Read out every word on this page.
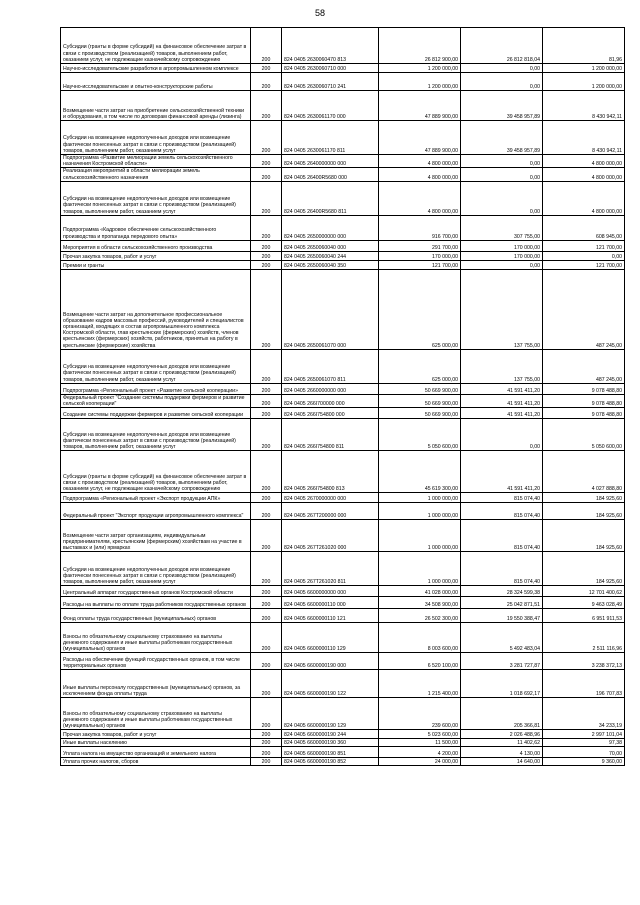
58
Субсидии (гранты в форме субсидий) на финансовое обеспечение затрат в связи с производством (реализацией) товаров, выполнением работ, оказанием услуг, не подлежащие казначейскому сопровождению	200	824 0405 2630060470 813	26 812 900,00	26 812 818,04	81,96
Научно-исследовательские разработки в агропромышленном комплексе	200	824 0405 2630060710 000	1 200 000,00	0,00	1 200 000,00
Научно-исследовательские и опытно-конструкторские работы	200	824 0405 2630060710 241	1 200 000,00	0,00	1 200 000,00
Возмещение части затрат на приобретение сельскохозяйственной техники и оборудования, в том числе по договорам финансовой аренды (лизинга)	200	824 0405 2630061170 000	47 889 900,00	39 458 957,89	8 430 942,11
Субсидии на возмещение недополученных доходов или возмещение фактически понесенных затрат в связи с производством (реализацией) товаров, выполнением работ, оказанием услуг	200	824 0405 2630061170 811	47 889 900,00	39 458 957,89	8 430 942,11
Подпрограмма «Развитие мелиорации земель сельскохозяйственного назначения Костромской области»	200	824 0405 2640000000 000	4 800 000,00	0,00	4 800 000,00
Реализация мероприятий в области мелиорации земель сельскохозяйственного назначения	200	824 0405 26400R5680 000	4 800 000,00	0,00	4 800 000,00
Субсидии на возмещение недополученных доходов или возмещение фактически понесенных затрат в связи с производством (реализацией) товаров, выполнением работ, оказанием услуг	200	824 0405 26400R5680 811	4 800 000,00	0,00	4 800 000,00
Подпрограмма «Кадровое обеспечение сельскохозяйственного производства и пропаганда передового опыта»	200	824 0405 2650000000 000	916 700,00	307 755,00	608 945,00
Мероприятия в области сельскохозяйственного производства	200	824 0405 2650060040 000	291 700,00	170 000,00	121 700,00
Прочая закупка товаров, работ и услуг	200	824 0405 2650060040 244	170 000,00	170 000,00	0,00
Премии и гранты	200	824 0405 2650060040 350	121 700,00	0,00	121 700,00
Возмещение части затрат на дополнительное профессиональное образование кадров массовых профессий, руководителей и специалистов организаций, входящих в состав агропромышленного комплекса Костромской области, глав крестьянских (фермерских) хозяйств, членов крестьянских (фермерских) хозяйств, работников, принятых на работу в крестьянские (фермерские) хозяйства	200	824 0405 2650061070 000	625 000,00	137 755,00	487 245,00
Субсидии на возмещение недополученных доходов или возмещение фактически понесенных затрат в связи с производством (реализацией) товаров, выполнением работ, оказанием услуг	200	824 0405 2650061070 811	625 000,00	137 755,00	487 245,00
Подпрограмма «Региональный проект «Развитие сельской кооперации»	200	824 0405 2660000000 000	50 669 900,00	41 591 411,20	9 078 488,80
Федеральный проект "Создание системы поддержки фермеров и развитие сельской кооперации"	200	824 0405 266I700000 000	50 669 900,00	41 591 411,20	9 078 488,80
Создание системы поддержки фермеров и развитие сельской кооперации	200	824 0405 266I754800 000	50 669 900,00	41 591 411,20	9 078 488,80
Субсидии на возмещение недополученных доходов или возмещение фактически понесенных затрат в связи с производством (реализацией) товаров, выполнением работ, оказанием услуг	200	824 0405 266I754800 811	5 050 600,00	0,00	5 050 600,00
Субсидии (гранты в форме субсидий) на финансовое обеспечение затрат в связи с производством (реализацией) товаров, выполнением работ, оказанием услуг, не подлежащие казначейскому сопровождению	200	824 0405 266I754800 813	45 619 300,00	41 591 411,20	4 027 888,80
Подпрограмма «Региональный проект «Экспорт продукции АПК»	200	824 0405 2670000000 000	1 000 000,00	815 074,40	184 925,60
Федеральный проект "Экспорт продукции агропромышленного комплекса"	200	824 0405 267T200000 000	1 000 000,00	815 074,40	184 925,60
Возмещение части затрат организациям, индивидуальным предпринимателям, крестьянским (фермерским) хозяйствам на участие в выставках и (или) ярмарках	200	824 0405 267T261020 000	1 000 000,00	815 074,40	184 925,60
Субсидии на возмещение недополученных доходов или возмещение фактически понесенных затрат в связи с производством (реализацией) товаров, выполнением работ, оказанием услуг	200	824 0405 267T261020 811	1 000 000,00	815 074,40	184 925,60
Центральный аппарат государственных органов Костромской области	200	824 0405 6600000000 000	41 028 000,00	28 324 599,38	12 701 400,62
Расходы на выплаты по оплате труда работников государственных органов	200	824 0405 6600000110 000	34 508 900,00	25 042 871,51	9 463 028,49
Фонд оплаты труда государственных (муниципальных) органов	200	824 0405 6600000110 121	26 502 300,00	19 550 388,47	6 951 911,53
Взносы по обязательному социальному страхованию на выплаты денежного содержания и иные выплаты работникам государственных (муниципальных) органов	200	824 0405 6600000110 129	8 003 600,00	5 492 483,04	2 511 116,96
Расходы на обеспечение функций государственных органов, в том числе территориальных органов	200	824 0405 6600000190 000	6 520 100,00	3 281 727,87	3 238 372,13
Иные выплаты персоналу государственных (муниципальных) органов, за исключением фонда оплаты труда	200	824 0405 6600000190 122	1 215 400,00	1 018 692,17	196 707,83
Взносы по обязательному социальному страхованию на выплаты денежного содержания и иные выплаты работникам государственных (муниципальных) органов	200	824 0405 6600000190 129	239 600,00	205 366,81	34 233,19
Прочая закупка товаров, работ и услуг	200	824 0405 6600000190 244	5 023 600,00	2 026 488,96	2 997 101,04
Иные выплаты населению	200	824 0405 6600000190 360	11 500,00	11 402,62	97,38
Уплата налога на имущество организаций и земельного налога	200	824 0405 6600000190 851	4 200,00	4 130,00	70,00
Уплата прочих налогов, сборов	200	824 0405 6600000190 852	24 000,00	14 640,00	9 360,00
